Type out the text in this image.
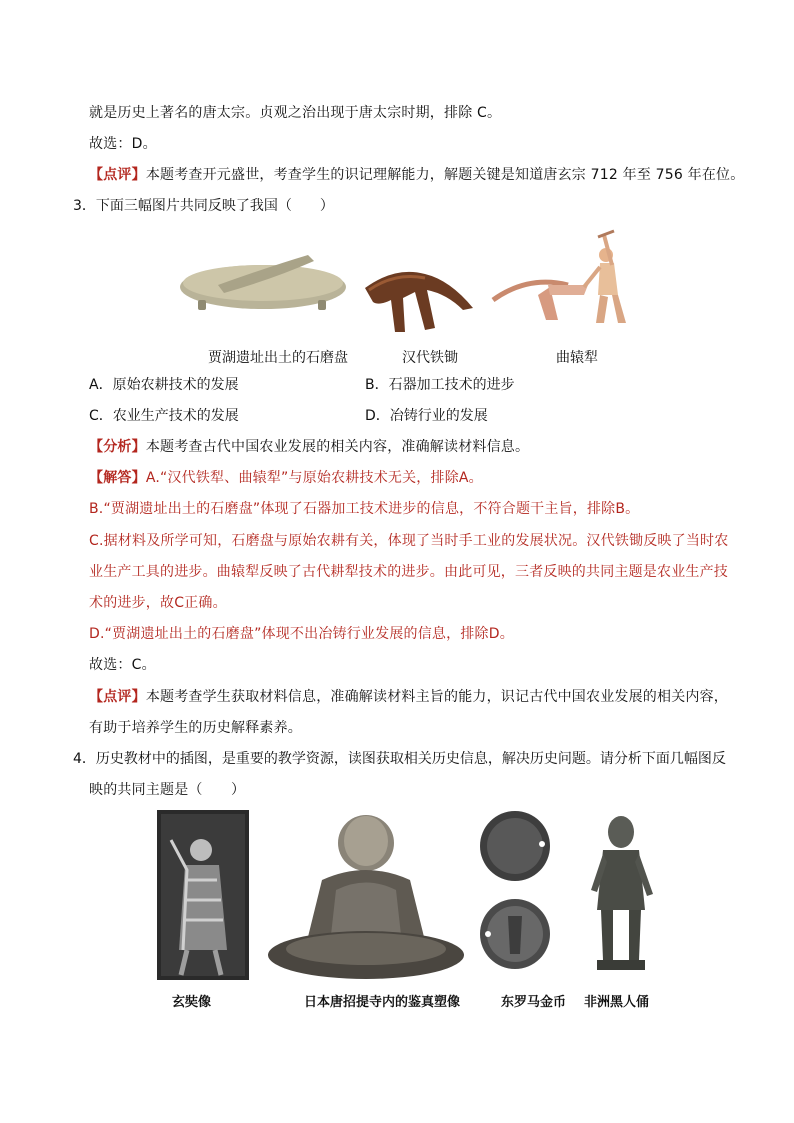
就是历史上著名的唐太宗。贞观之治出现于唐太宗时期，排除 C。
故选：D。
【点评】本题考查开元盛世，考查学生的识记理解能力，解题关键是知道唐玄宗 712 年至 756 年在位。
3．下面三幅图片共同反映了我国（　　）
贾湖遗址出土的石磨盘	汉代铁锄	曲辕犁
A．原始农耕技术的发展	B．石器加工技术的进步
C．农业生产技术的发展	D．冶铸行业的发展
【分析】本题考查古代中国农业发展的相关内容，准确解读材料信息。
【解答】A.“汉代铁犁、曲辕犁”与原始农耕技术无关，排除A。
B.“贾湖遗址出土的石磨盘”体现了石器加工技术进步的信息，不符合题干主旨，排除B。
C.据材料及所学可知，石磨盘与原始农耕有关，体现了当时手工业的发展状况。汉代铁锄反映了当时农
业生产工具的进步。曲辕犁反映了古代耕犁技术的进步。由此可见，三者反映的共同主题是农业生产技
术的进步，故C正确。
D.“贾湖遗址出土的石磨盘”体现不出冶铸行业发展的信息，排除D。
故选：C。
【点评】本题考查学生获取材料信息，准确解读材料主旨的能力，识记古代中国农业发展的相关内容，
有助于培养学生的历史解释素养。
4．历史教材中的插图，是重要的教学资源，读图获取相关历史信息，解决历史问题。请分析下面几幅图反
映的共同主题是（　　）
玄奘像	日本唐招提寺内的鉴真塑像	东罗马金币 非洲黑人俑
